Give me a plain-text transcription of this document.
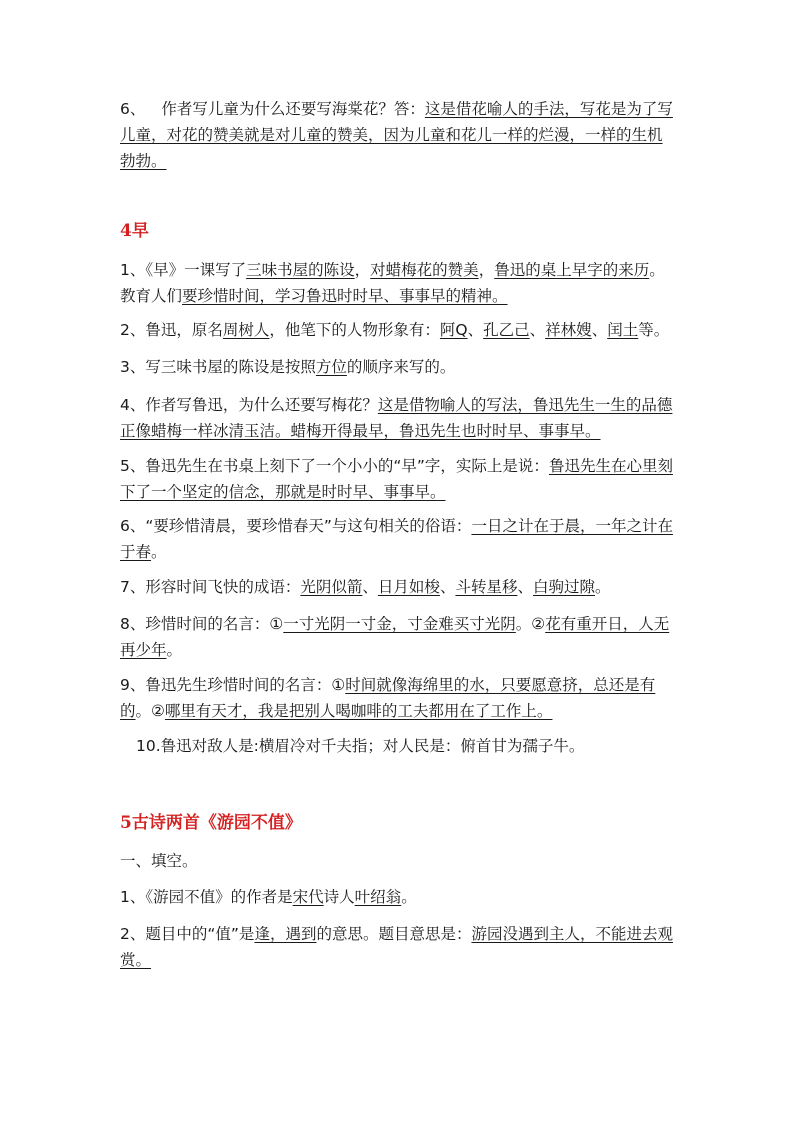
6、 作者写儿童为什么还要写海棠花？答：这是借花喻人的手法，写花是为了写儿童，对花的赞美就是对儿童的赞美，因为儿童和花儿一样的烂漫，一样的生机勃勃。

4早

1、《早》一课写了三味书屋的陈设，对蜡梅花的赞美，鲁迅的桌上早字的来历。教育人们要珍惜时间，学习鲁迅时时早、事事早的精神。

2、鲁迅，原名周树人，他笔下的人物形象有：阿Q、孔乙己、祥林嫂、闰土等。

3、写三味书屋的陈设是按照方位的顺序来写的。

4、作者写鲁迅，为什么还要写梅花？这是借物喻人的写法，鲁迅先生一生的品德正像蜡梅一样冰清玉洁。蜡梅开得最早，鲁迅先生也时时早、事事早。

5、鲁迅先生在书桌上刻下了一个小小的“早”字，实际上是说：鲁迅先生在心里刻下了一个坚定的信念，那就是时时早、事事早。

6、“要珍惜清晨，要珍惜春天”与这句相关的俗语：一日之计在于晨，一年之计在于春。

7、形容时间飞快的成语：光阴似箭、日月如梭、斗转星移、白驹过隙。

8、珍惜时间的名言：①一寸光阴一寸金，寸金难买寸光阴。②花有重开日，人无再少年。

9、鲁迅先生珍惜时间的名言：①时间就像海绵里的水，只要愿意挤，总还是有的。②哪里有天才，我是把别人喝咖啡的工夫都用在了工作上。

10.鲁迅对敌人是:横眉冷对千夫指；对人民是：俯首甘为孺子牛。

5古诗两首《游园不值》

一、填空。

1、《游园不值》的作者是宋代诗人叶绍翁。

2、题目中的“值”是逢，遇到的意思。题目意思是：游园没遇到主人，不能进去观赏。
